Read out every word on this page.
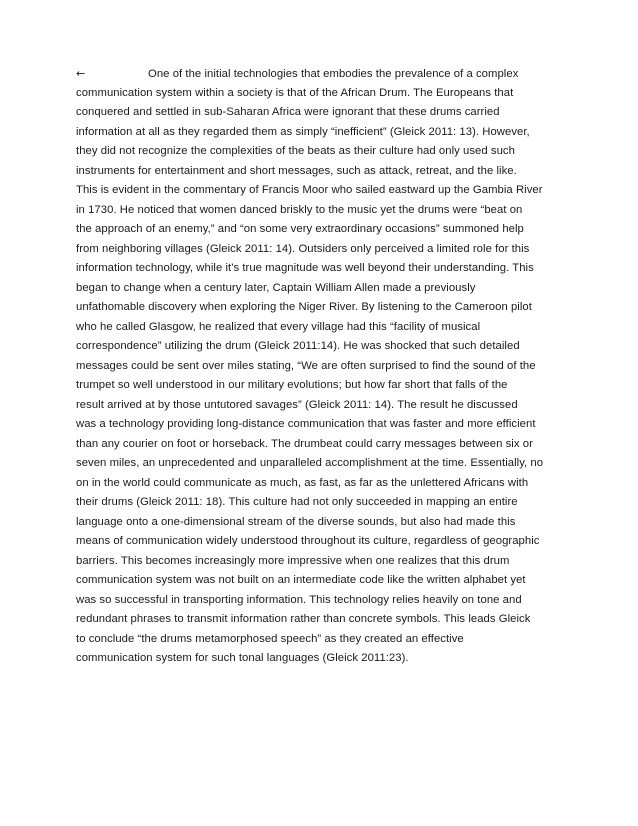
←	One of the initial technologies that embodies the prevalence of a complex
communication system within a society is that of the African Drum. The Europeans that
conquered and settled in sub-Saharan Africa were ignorant that these drums carried
information at all as they regarded them as simply “inefficient” (Gleick 2011: 13). However,
they did not recognize the complexities of the beats as their culture had only used such
instruments for entertainment and short messages, such as attack, retreat, and the like.
This is evident in the commentary of Francis Moor who sailed eastward up the Gambia River
in 1730. He noticed that women danced briskly to the music yet the drums were “beat on
the approach of an enemy,” and “on some very extraordinary occasions” summoned help
from neighboring villages (Gleick 2011: 14). Outsiders only perceived a limited role for this
information technology, while it's true magnitude was well beyond their understanding. This
began to change when a century later, Captain William Allen made a previously
unfathomable discovery when exploring the Niger River. By listening to the Cameroon pilot
who he called Glasgow, he realized that every village had this “facility of musical
correspondence” utilizing the drum (Gleick 2011:14). He was shocked that such detailed
messages could be sent over miles stating, “We are often surprised to find the sound of the
trumpet so well understood in our military evolutions; but how far short that falls of the
result arrived at by those untutored savages” (Gleick 2011: 14). The result he discussed
was a technology providing long-distance communication that was faster and more efficient
than any courier on foot or horseback. The drumbeat could carry messages between six or
seven miles, an unprecedented and unparalleled accomplishment at the time. Essentially, no
on in the world could communicate as much, as fast, as far as the unlettered Africans with
their drums (Gleick 2011: 18). This culture had not only succeeded in mapping an entire
language onto a one-dimensional stream of the diverse sounds, but also had made this
means of communication widely understood throughout its culture, regardless of geographic
barriers. This becomes increasingly more impressive when one realizes that this drum
communication system was not built on an intermediate code like the written alphabet yet
was so successful in transporting information. This technology relies heavily on tone and
redundant phrases to transmit information rather than concrete symbols. This leads Gleick
to conclude “the drums metamorphosed speech” as they created an effective
communication system for such tonal languages (Gleick 2011:23).
